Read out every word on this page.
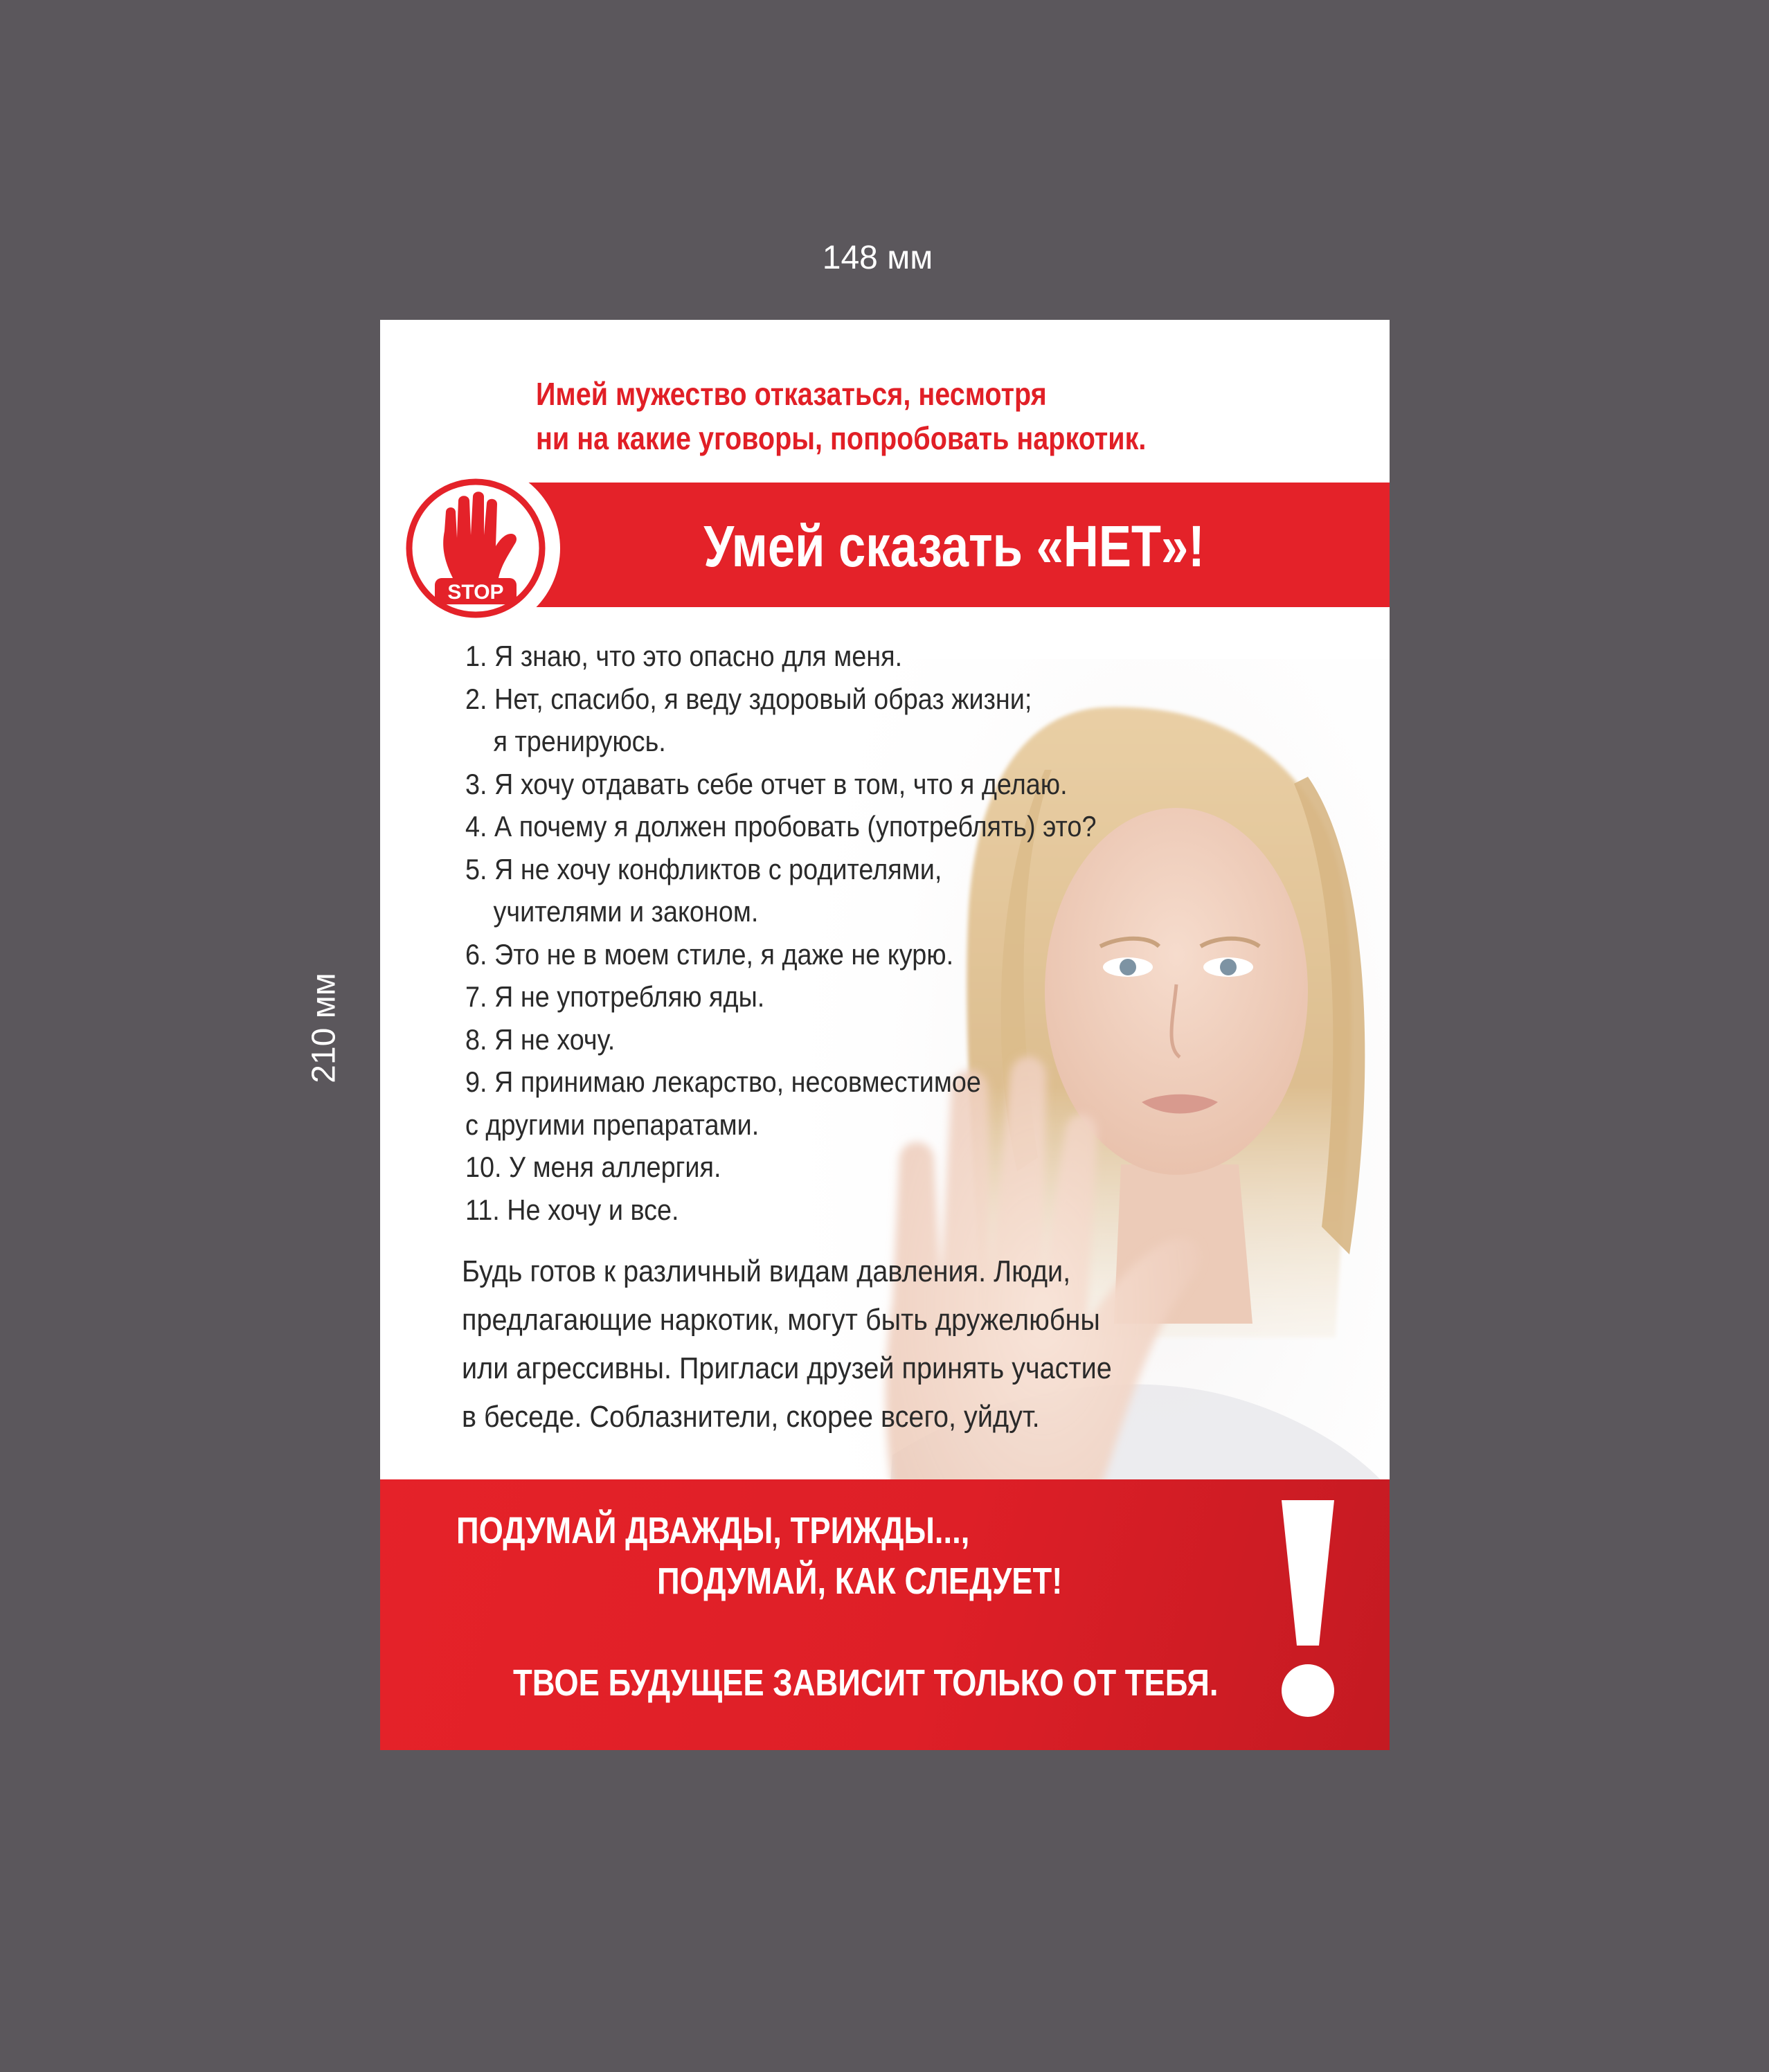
148 мм
210 мм
Имей мужество отказаться, несмотря
ни на какие уговоры, попробовать наркотик.
Умей сказать «НЕТ»!
STOP
1. Я знаю, что это опасно для меня.
2. Нет, спасибо, я веду здоровый образ жизни;
я тренируюсь.
3. Я хочу отдавать себе отчет в том, что я делаю.
4. А почему я должен пробовать (употреблять) это?
5. Я не хочу конфликтов с родителями,
учителями и законом.
6. Это не в моем стиле, я даже не курю.
7. Я не употребляю яды.
8. Я не хочу.
9. Я принимаю лекарство, несовместимое
с другими препаратами.
10. У меня аллергия.
11. Не хочу и все.

Будь готов к различный видам давления. Люди,
предлагающие наркотик, могут быть дружелюбны
или агрессивны. Пригласи друзей принять участие
в беседе. Соблазнители, скорее всего, уйдут.

ПОДУМАЙ ДВАЖДЫ, ТРИЖДЫ...,
ПОДУМАЙ, КАК СЛЕДУЕТ!
ТВОЕ БУДУЩЕЕ ЗАВИСИТ ТОЛЬКО ОТ ТЕБЯ.
